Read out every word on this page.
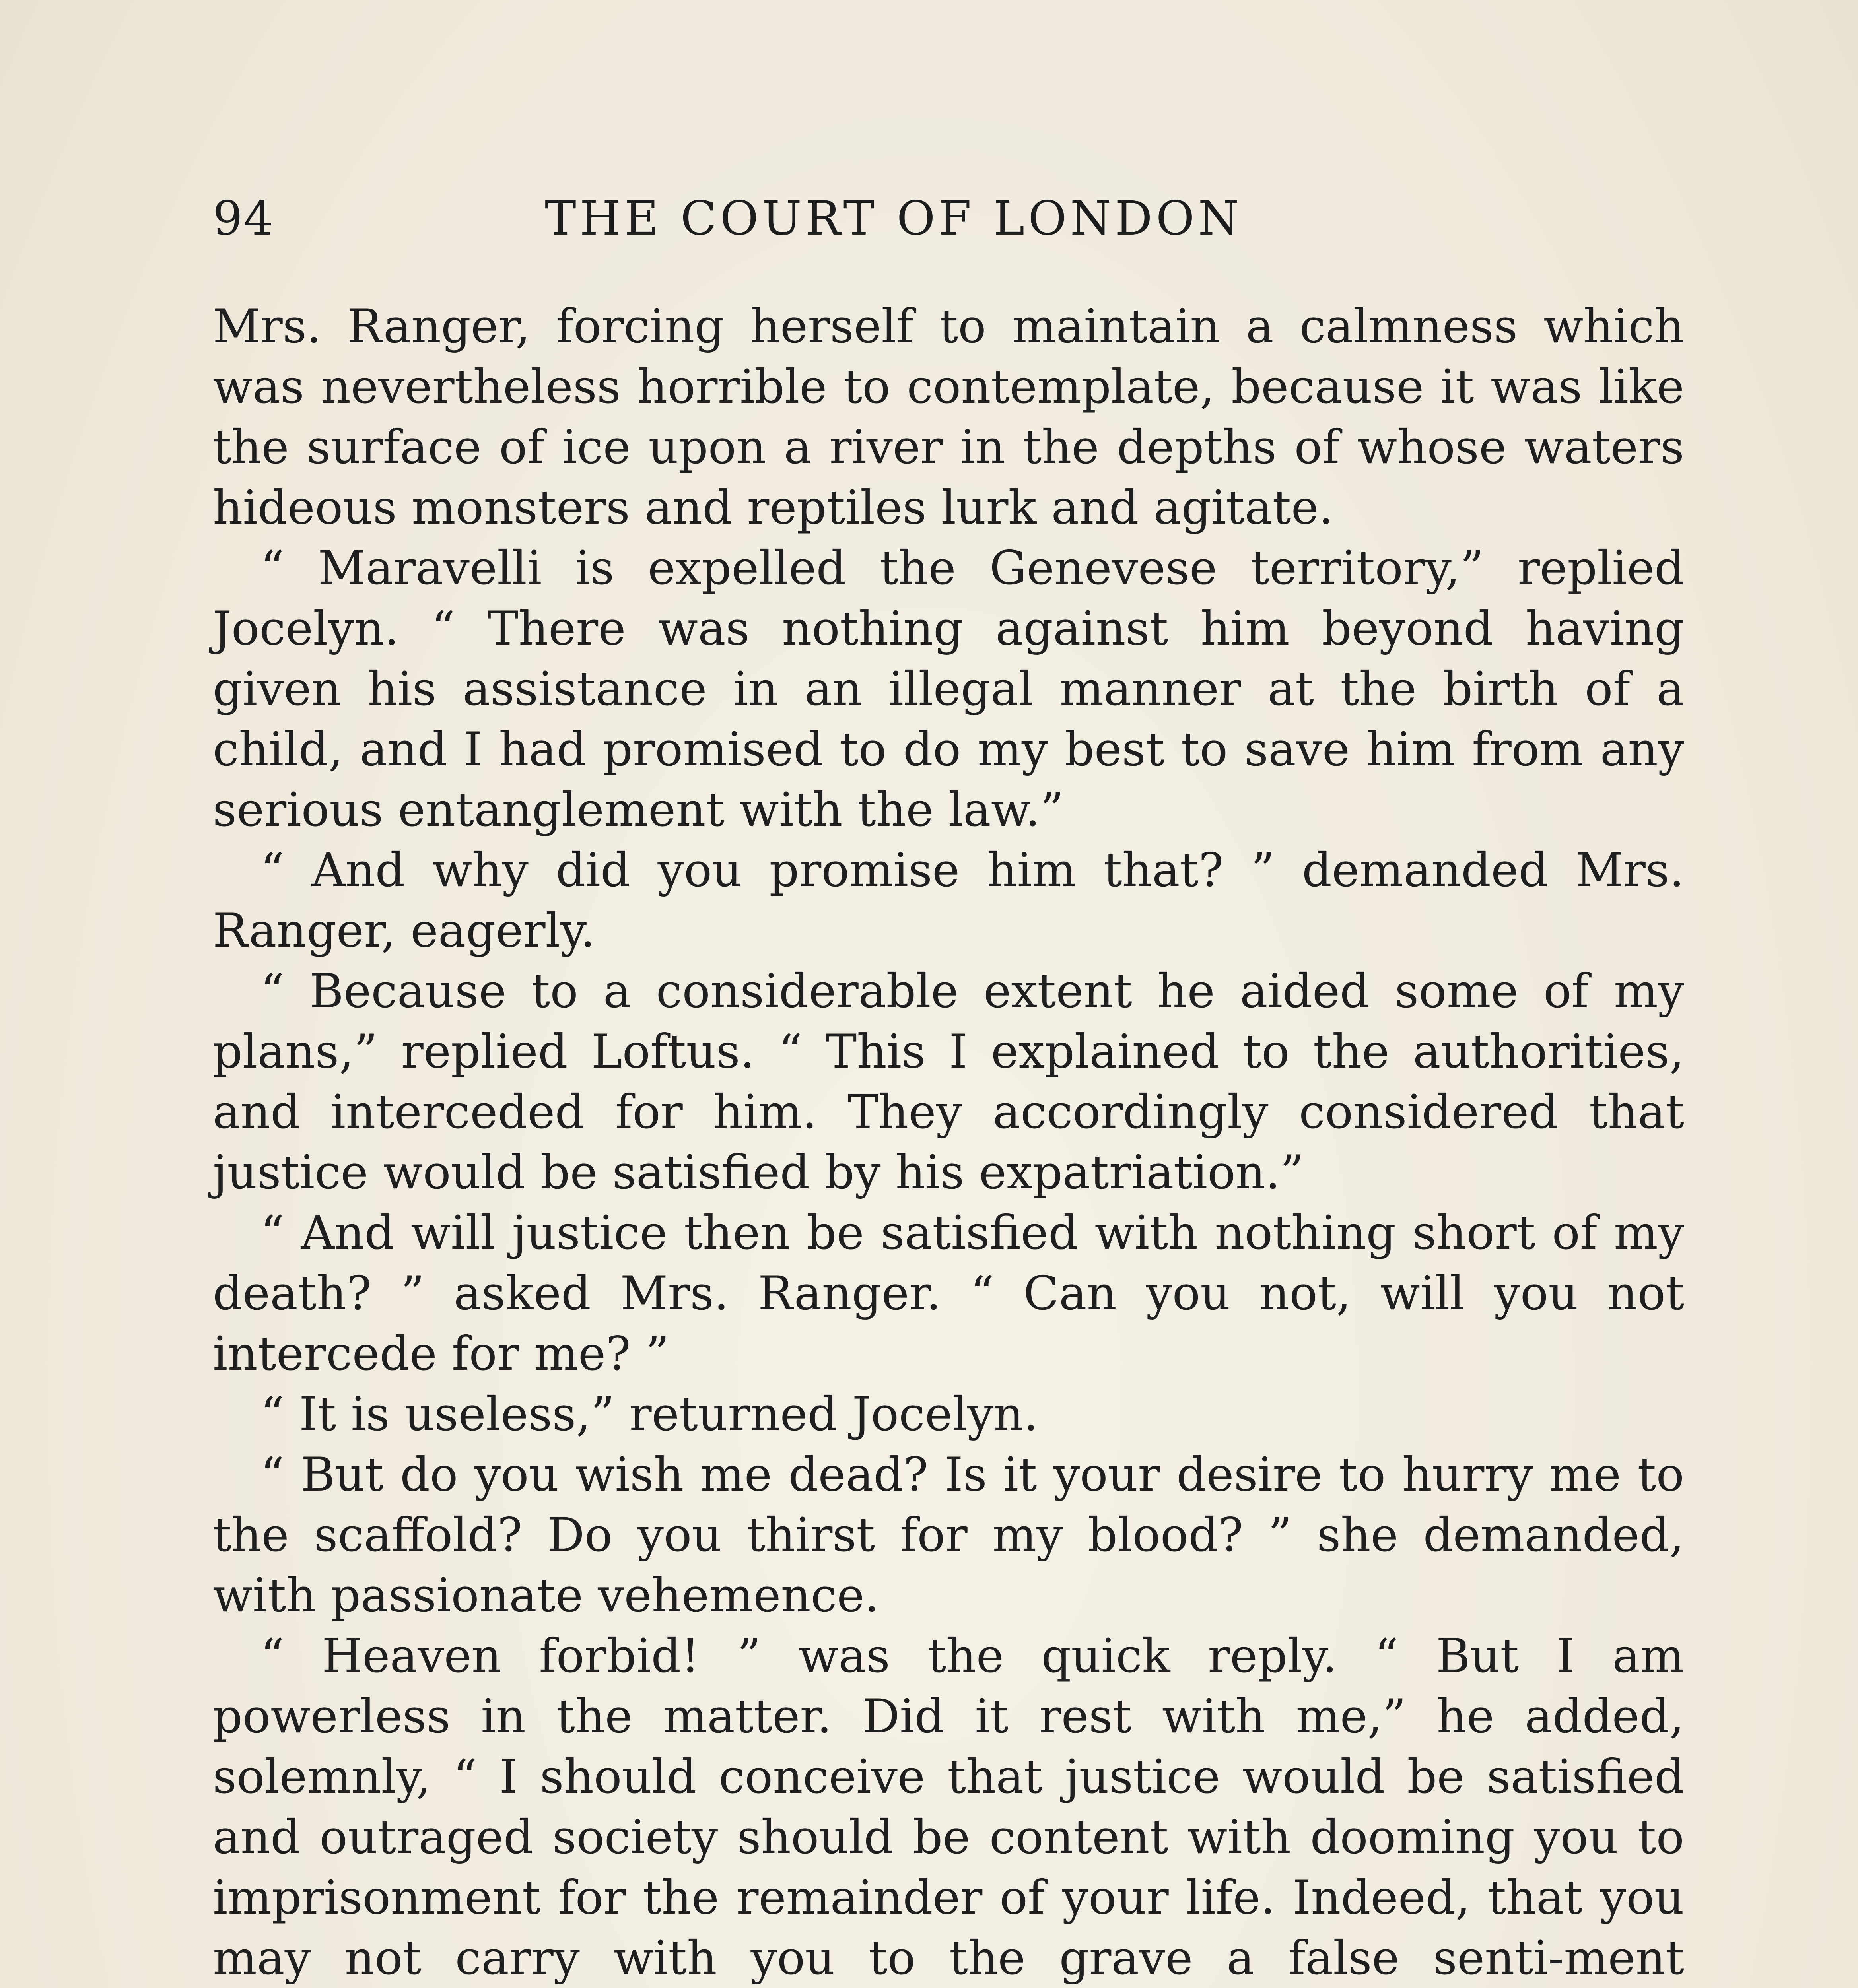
94	THE COURT OF LONDON

Mrs. Ranger, forcing herself to maintain a calmness which was nevertheless horrible to contemplate, because it was like the surface of ice upon a river in the depths of whose waters hideous monsters and reptiles lurk and agitate.

“ Maravelli is expelled the Genevese territory,” replied Jocelyn. “ There was nothing against him beyond having given his assistance in an illegal manner at the birth of a child, and I had promised to do my best to save him from any serious entanglement with the law.”

“ And why did you promise him that? ” demanded Mrs. Ranger, eagerly.

“ Because to a considerable extent he aided some of my plans,” replied Loftus. “ This I explained to the authorities, and interceded for him. They accordingly considered that justice would be satisfied by his expatriation.”

“ And will justice then be satisfied with nothing short of my death? ” asked Mrs. Ranger. “ Can you not, will you not intercede for me? ”

“ It is useless,” returned Jocelyn.

“ But do you wish me dead? Is it your desire to hurry me to the scaffold? Do you thirst for my blood? ” she demanded, with passionate vehemence.

“ Heaven forbid! ” was the quick reply. “ But I am powerless in the matter. Did it rest with me,” he added, solemnly, “ I should conceive that justice would be satisfied and outraged society should be content with dooming you to imprisonment for the remainder of your life. Indeed, that you may not carry with you to the grave a false senti-ment
